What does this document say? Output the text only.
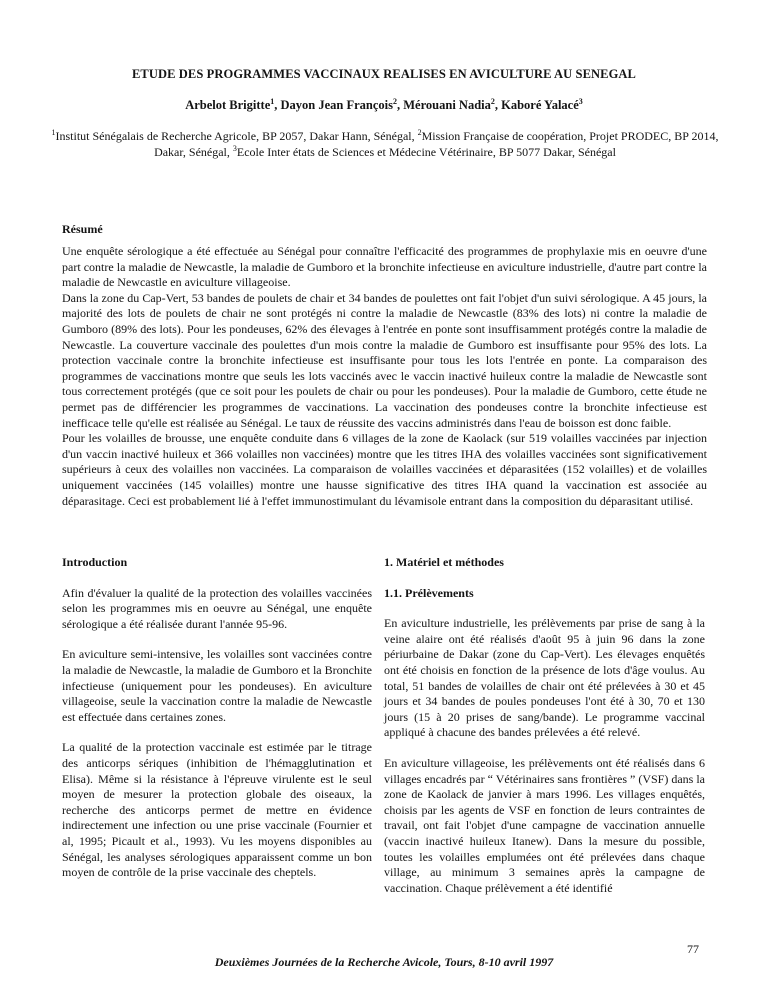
ETUDE DES PROGRAMMES VACCINAUX REALISES EN AVICULTURE AU SENEGAL
Arbelot Brigitte$^1$, Dayon Jean François$^2$, Mérouani Nadia$^2$, Kaboré Yalacé$^3$
$^1$Institut Sénégalais de Recherche Agricole, BP 2057, Dakar Hann, Sénégal, $^2$Mission Française de coopération, Projet PRODEC, BP 2014, Dakar, Sénégal, $^3$Ecole Inter états de Sciences et Médecine Vétérinaire, BP 5077 Dakar, Sénégal
Résumé

Une enquête sérologique a été effectuée au Sénégal pour connaître l'efficacité des programmes de prophylaxie mis en oeuvre d'une part contre la maladie de Newcastle, la maladie de Gumboro et la bronchite infectieuse en aviculture industrielle, d'autre part contre la maladie de Newcastle en aviculture villageoise.

Dans la zone du Cap-Vert, 53 bandes de poulets de chair et 34 bandes de poulettes ont fait l'objet d'un suivi sérologique. A 45 jours, la majorité des lots de poulets de chair ne sont protégés ni contre la maladie de Newcastle (83% des lots) ni contre la maladie de Gumboro (89% des lots). Pour les pondeuses, 62% des élevages à l'entrée en ponte sont insuffisamment protégés contre la maladie de Newcastle. La couverture vaccinale des poulettes d'un mois contre la maladie de Gumboro est insuffisante pour 95% des lots. La protection vaccinale contre la bronchite infectieuse est insuffisante pour tous les lots l'entrée en ponte. La comparaison des programmes de vaccinations montre que seuls les lots vaccinés avec le vaccin inactivé huileux contre la maladie de Newcastle sont tous correctement protégés (que ce soit pour les poulets de chair ou pour les pondeuses). Pour la maladie de Gumboro, cette étude ne permet pas de différencier les programmes de vaccinations. La vaccination des pondeuses contre la bronchite infectieuse est inefficace telle qu'elle est réalisée au Sénégal. Le taux de réussite des vaccins administrés dans l'eau de boisson est donc faible.

Pour les volailles de brousse, une enquête conduite dans 6 villages de la zone de Kaolack (sur 519 volailles vaccinées par injection d'un vaccin inactivé huileux et 366 volailles non vaccinées) montre que les titres IHA des volailles vaccinées sont significativement supérieurs à ceux des volailles non vaccinées. La comparaison de volailles vaccinées et déparasitées (152 volailles) et de volailles uniquement vaccinées (145 volailles) montre une hausse significative des titres IHA quand la vaccination est associée au déparasitage. Ceci est probablement lié à l'effet immunostimulant du lévamisole entrant dans la composition du déparasitant utilisé.

Introduction

Afin d'évaluer la qualité de la protection des volailles vaccinées selon les programmes mis en oeuvre au Sénégal, une enquête sérologique a été réalisée durant l'année 95-96.

En aviculture semi-intensive, les volailles sont vaccinées contre la maladie de Newcastle, la maladie de Gumboro et la Bronchite infectieuse (uniquement pour les pondeuses). En aviculture villageoise, seule la vaccination contre la maladie de Newcastle est effectuée dans certaines zones.

La qualité de la protection vaccinale est estimée par le titrage des anticorps sériques (inhibition de l'hémagglutination et Elisa). Même si la résistance à l'épreuve virulente est le seul moyen de mesurer la protection globale des oiseaux, la recherche des anticorps permet de mettre en évidence indirectement une infection ou une prise vaccinale (Fournier et al, 1995; Picault et al., 1993). Vu les moyens disponibles au Sénégal, les analyses sérologiques apparaissent comme un bon moyen de contrôle de la prise vaccinale des cheptels.

1. Matériel et méthodes
1.1. Prélèvements

En aviculture industrielle, les prélèvements par prise de sang à la veine alaire ont été réalisés d'août 95 à juin 96 dans la zone périurbaine de Dakar (zone du Cap-Vert). Les élevages enquêtés ont été choisis en fonction de la présence de lots d'âge voulus. Au total, 51 bandes de volailles de chair ont été prélevées à 30 et 45 jours et 34 bandes de poules pondeuses l'ont été à 30, 70 et 130 jours (15 à 20 prises de sang/bande). Le programme vaccinal appliqué à chacune des bandes prélevées a été relevé.

En aviculture villageoise, les prélèvements ont été réalisés dans 6 villages encadrés par “ Vétérinaires sans frontières ” (VSF) dans la zone de Kaolack de janvier à mars 1996. Les villages enquêtés, choisis par les agents de VSF en fonction de leurs contraintes de travail, ont fait l'objet d'une campagne de vaccination annuelle (vaccin inactivé huileux Itanew). Dans la mesure du possible, toutes les volailles emplumées ont été prélevées dans chaque village, au minimum 3 semaines après la campagne de vaccination. Chaque prélèvement a été identifié

77
Deuxièmes Journées de la Recherche Avicole, Tours, 8-10 avril 1997
